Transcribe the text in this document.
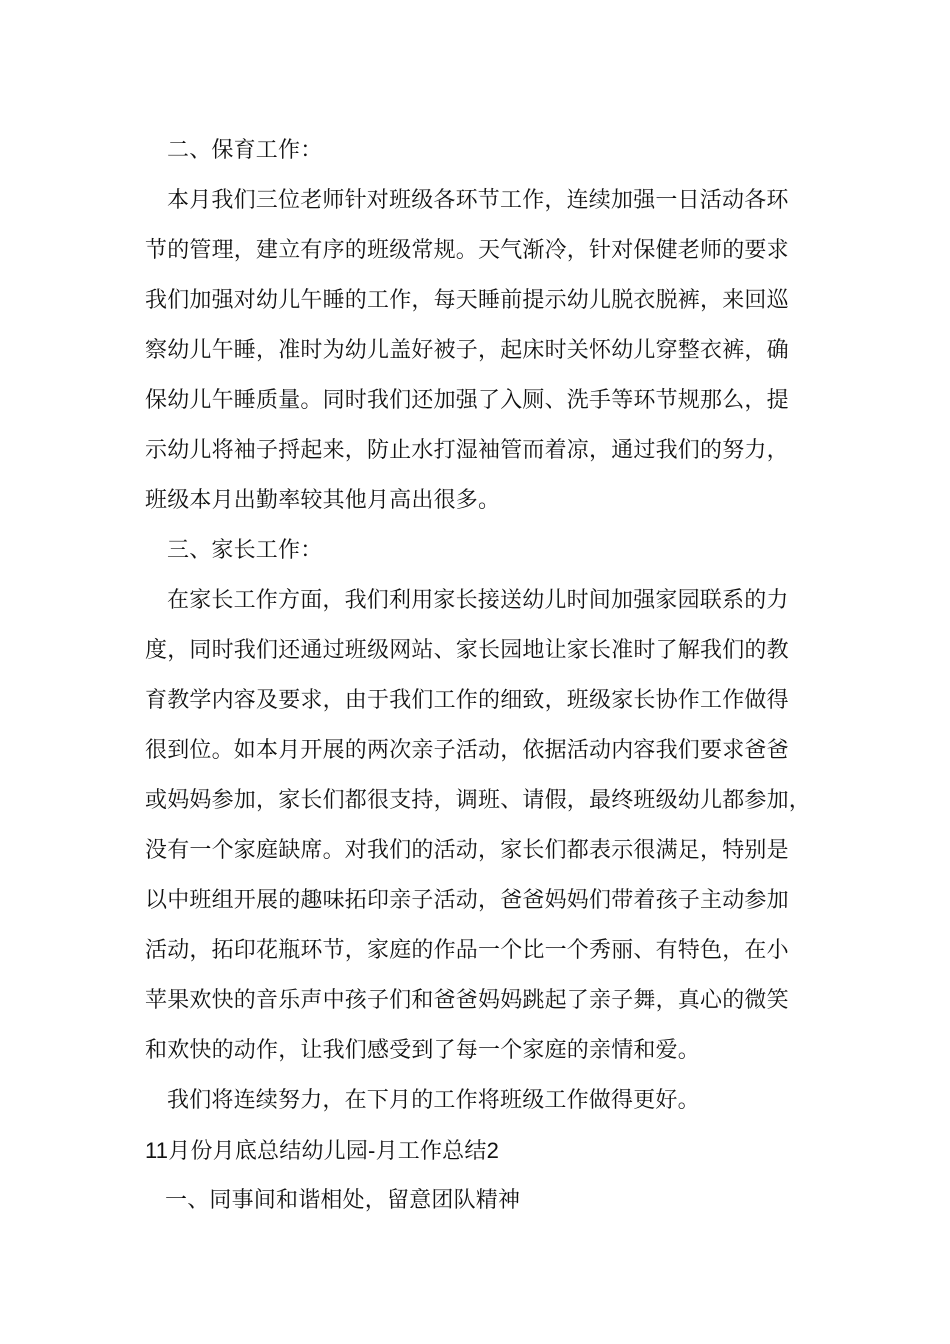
二、保育工作：
本月我们三位老师针对班级各环节工作，连续加强一日活动各环
节的管理，建立有序的班级常规。天气渐冷，针对保健老师的要求
我们加强对幼儿午睡的工作，每天睡前提示幼儿脱衣脱裤，来回巡
察幼儿午睡，准时为幼儿盖好被子，起床时关怀幼儿穿整衣裤，确
保幼儿午睡质量。同时我们还加强了入厕、洗手等环节规那么，提
示幼儿将袖子捋起来，防止水打湿袖管而着凉，通过我们的努力，
班级本月出勤率较其他月高出很多。
三、家长工作：
在家长工作方面，我们利用家长接送幼儿时间加强家园联系的力
度，同时我们还通过班级网站、家长园地让家长准时了解我们的教
育教学内容及要求，由于我们工作的细致，班级家长协作工作做得
很到位。如本月开展的两次亲子活动，依据活动内容我们要求爸爸
或妈妈参加，家长们都很支持，调班、请假，最终班级幼儿都参加，
没有一个家庭缺席。对我们的活动，家长们都表示很满足，特别是
以中班组开展的趣味拓印亲子活动，爸爸妈妈们带着孩子主动参加
活动，拓印花瓶环节，家庭的作品一个比一个秀丽、有特色，在小
苹果欢快的音乐声中孩子们和爸爸妈妈跳起了亲子舞，真心的微笑
和欢快的动作，让我们感受到了每一个家庭的亲情和爱。
我们将连续努力，在下月的工作将班级工作做得更好。
11月份月底总结幼儿园-月工作总结2
一、同事间和谐相处，留意团队精神
